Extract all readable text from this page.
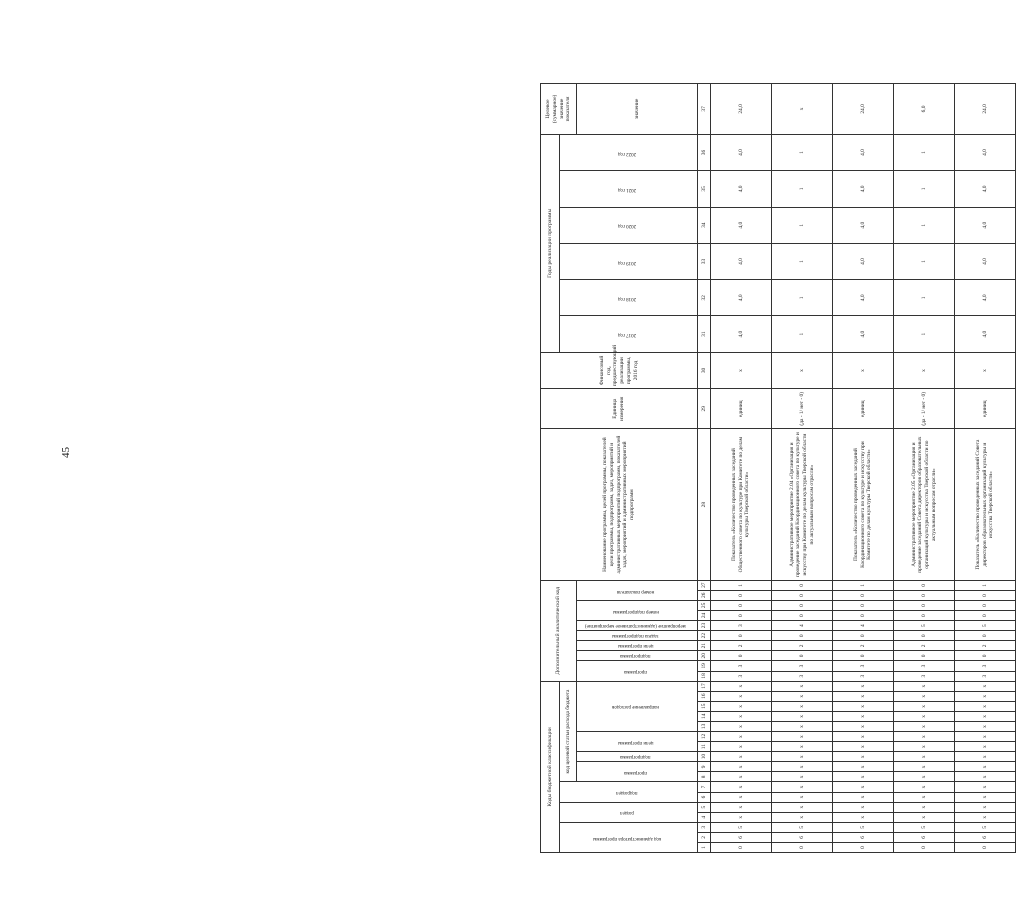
45
Коды бюджетной классификации																	Дополнительный аналитический код										Наименование программы, целей программы, показателей цели программы, подпрограмм, задач, мероприятий и административных мероприятий подпрограмм, показателей задач, мероприятий и административных мероприятий подпрограмм	Единица измерения	Финансовый год, предшествующий реализации программы, 2016 год	Годы реализации программы						Целевое (суммарное) значение показателя
код администратора программы			раздел		подраздел		код целевой статьи расхода бюджета																							2017 год	2018 год	2019 год	2020 год	2021 год	2022 год	
							программа		подпрограмма	цели программы		направление расходов					программа		подпрограмма	цели программы	задача подпрограммы	мероприятие (административное мероприятие)	номер подпрограммы		номер показателя											значение
1	2	3	4	5	6	7	8	9	10	11	12	13	14	15	16	17	18	19	20	21	22	23	24	25	26	27	28	29	30	31	32	33	34	35	36	37
0	6	5	х	х	х	х	х	х	х	х	х	х	х	х	х	х	3	3	0	2	0	3	0	0	0	1	Показатель «Количество проведенных заседаний Общественного совета по культуре при Комитете по делам культуры Тверской области»	единиц	х	4,0	4,0	4,0	4,0	4,0	4,0	24,0
0	6	5	х	х	х	х	х	х	х	х	х	х	х	х	х	х	3	3	0	2	0	4	0	0	0	0	Административное мероприятие 2.04 «Организация и проведение заседаний Координационного совета по культуре и искусству при Комитете по делам культуры Тверской области по актуальным вопросам отрасли»	(да - 1/ нет - 0)	х	1	1	1	1	1	1	х
0	6	5	х	х	х	х	х	х	х	х	х	х	х	х	х	х	3	3	0	2	0	4	0	0	0	1	Показатель «Количество проведенных заседаний Координационного совета по культуре и искусству при Комитете по делам культуры Тверской области»	единиц	х	4,0	4,0	4,0	4,0	4,0	4,0	24,0
0	6	5	х	х	х	х	х	х	х	х	х	х	х	х	х	х	3	3	0	2	0	5	0	0	0	0	Административное мероприятие 2.05 «Организация и проведение заседаний Совета директоров образовательных организаций культуры и искусства Тверской области по актуальным вопросам отрасли»	(да - 1/ нет - 0)	х	1	1	1	1	1	1	6,0
0	6	5	х	х	х	х	х	х	х	х	х	х	х	х	х	х	3	3	0	2	0	5	0	0	0	1	Показатель «Количество проведенных заседаний Совета директоров образовательных организаций культуры и искусства Тверской области»	единиц	х	4,0	4,0	4,0	4,0	4,0	4,0	24,0
